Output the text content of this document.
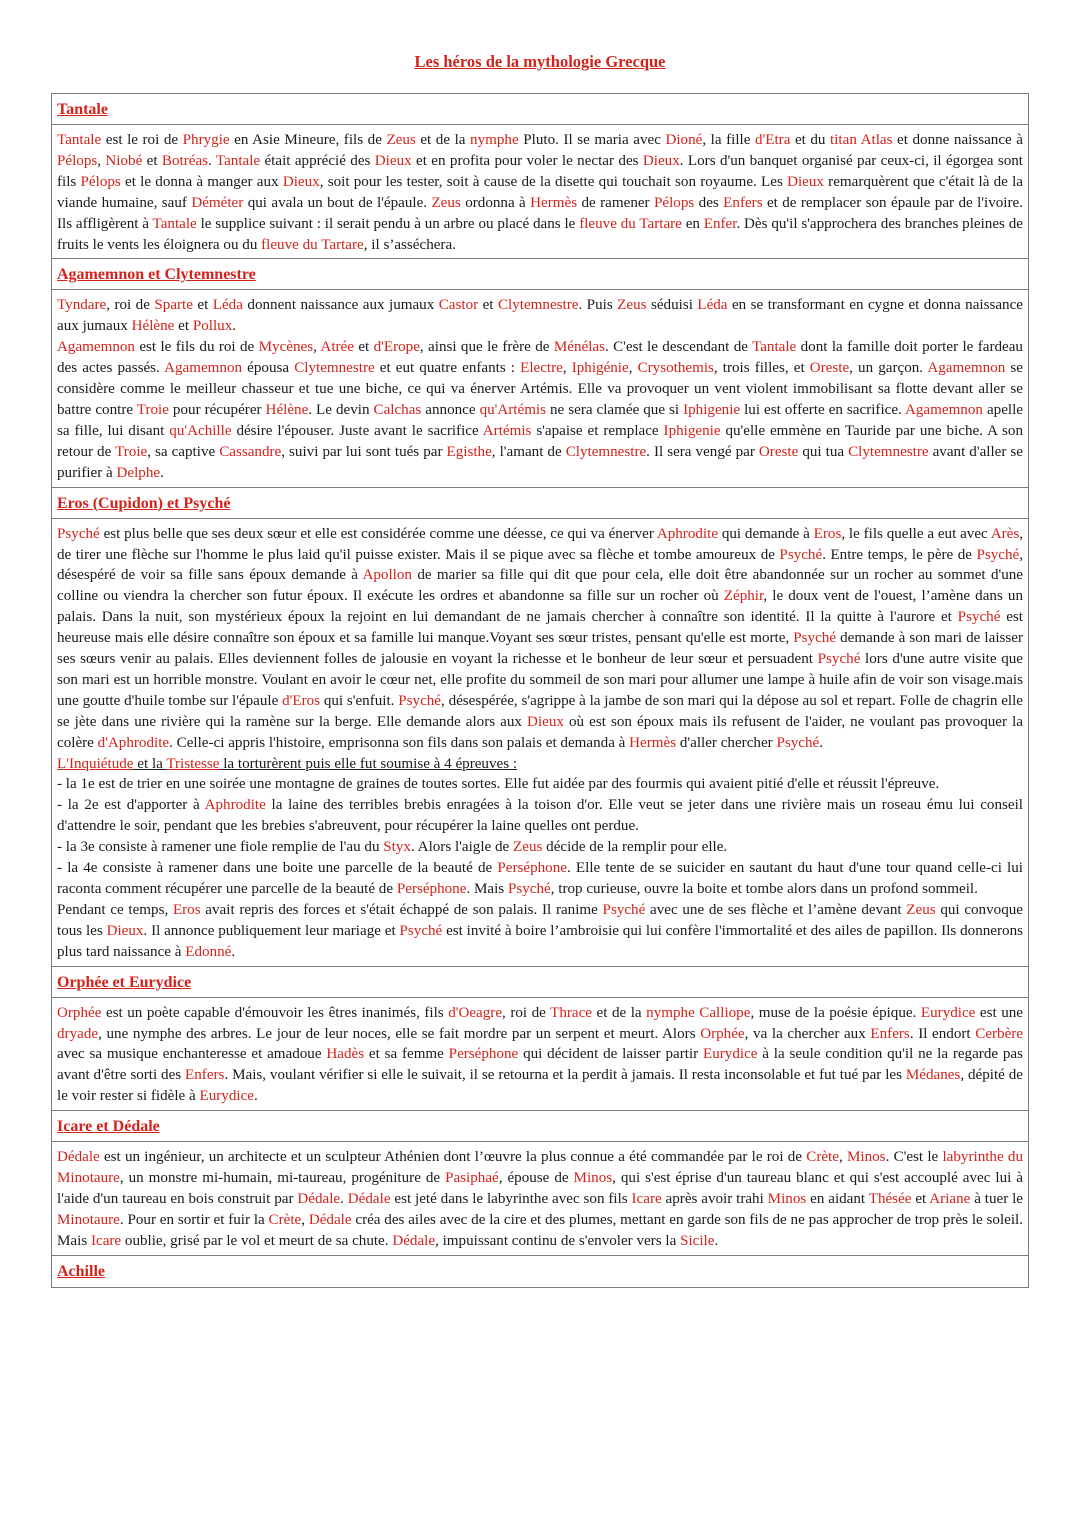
Les héros de la mythologie Grecque
Tantale

Tantale est le roi de Phrygie en Asie Mineure, fils de Zeus et de la nymphe Pluto. Il se maria avec Dioné, la fille d'Etra et du titan Atlas et donne naissance à Pélops, Niobé et Botréas. Tantale était apprécié des Dieux et en profita pour voler le nectar des Dieux. Lors d'un banquet organisé par ceux-ci, il égorgea sont fils Pélops et le donna à manger aux Dieux, soit pour les tester, soit à cause de la disette qui touchait son royaume. Les Dieux remarquèrent que c'était là de la viande humaine, sauf Déméter qui avala un bout de l'épaule. Zeus ordonna à Hermès de ramener Pélops des Enfers et de remplacer son épaule par de l'ivoire. Ils affligèrent à Tantale le supplice suivant : il serait pendu à un arbre ou placé dans le fleuve du Tartare en Enfer. Dès qu'il s'approchera des branches pleines de fruits le vents les éloignera ou du fleuve du Tartare, il s’asséchera.

Agamemnon et Clytemnestre

Tyndare, roi de Sparte et Léda donnent naissance aux jumaux Castor et Clytemnestre. Puis Zeus séduisi Léda en se transformant en cygne et donna naissance aux jumaux Hélène et Pollux.

Agamemnon est le fils du roi de Mycènes, Atrée et d'Erope, ainsi que le frère de Ménélas. C'est le descendant de Tantale dont la famille doit porter le fardeau des actes passés. Agamemnon épousa Clytemnestre et eut quatre enfants : Electre, Iphigénie, Crysothemis, trois filles, et Oreste, un garçon. Agamemnon se considère comme le meilleur chasseur et tue une biche, ce qui va énerver Artémis. Elle va provoquer un vent violent immobilisant sa flotte devant aller se battre contre Troie pour récupérer Hélène. Le devin Calchas annonce qu'Artémis ne sera clamée que si Iphigenie lui est offerte en sacrifice. Agamemnon apelle sa fille, lui disant qu'Achille désire l'épouser. Juste avant le sacrifice Artémis s'apaise et remplace Iphigenie qu'elle emmène en Tauride par une biche. A son retour de Troie, sa captive Cassandre, suivi par lui sont tués par Egisthe, l'amant de Clytemnestre. Il sera vengé par Oreste qui tua Clytemnestre avant d'aller se purifier à Delphe.

Eros (Cupidon) et Psyché

Psyché est plus belle que ses deux sœur et elle est considérée comme une déesse, ce qui va énerver Aphrodite qui demande à Eros, le fils quelle a eut avec Arès, de tirer une flèche sur l'homme le plus laid qu'il puisse exister. Mais il se pique avec sa flèche et tombe amoureux de Psyché. Entre temps, le père de Psyché, désespéré de voir sa fille sans époux demande à Apollon de marier sa fille qui dit que pour cela, elle doit être abandonnée sur un rocher au sommet d'une colline ou viendra la chercher son futur époux. Il exécute les ordres et abandonne sa fille sur un rocher où Zéphir, le doux vent de l'ouest, l’amène dans un palais. Dans la nuit, son mystérieux époux la rejoint en lui demandant de ne jamais chercher à connaître son identité. Il la quitte à l'aurore et Psyché est heureuse mais elle désire connaître son époux et sa famille lui manque.Voyant ses sœur tristes, pensant qu'elle est morte, Psyché demande à son mari de laisser ses sœurs venir au palais. Elles deviennent folles de jalousie en voyant la richesse et le bonheur de leur sœur et persuadent Psyché lors d'une autre visite que son mari est un horrible monstre. Voulant en avoir le cœur net, elle profite du sommeil de son mari pour allumer une lampe à huile afin de voir son visage.mais une goutte d'huile tombe sur l'épaule d'Eros qui s'enfuit. Psyché, désespérée, s'agrippe à la jambe de son mari qui la dépose au sol et repart. Folle de chagrin elle se jète dans une rivière qui la ramène sur la berge. Elle demande alors aux Dieux où est son époux mais ils refusent de l'aider, ne voulant pas provoquer la colère d'Aphrodite. Celle-ci appris l'histoire, emprisonna son fils dans son palais et demanda à Hermès d'aller chercher Psyché.

L'Inquiétude et la Tristesse la torturèrent puis elle fut soumise à 4 épreuves :

- la 1e est de trier en une soirée une montagne de graines de toutes sortes. Elle fut aidée par des fourmis qui avaient pitié d'elle et réussit l'épreuve.

- la 2e est d'apporter à Aphrodite la laine des terribles brebis enragées à la toison d'or. Elle veut se jeter dans une rivière mais un roseau ému lui conseil d'attendre le soir, pendant que les brebies s'abreuvent, pour récupérer la laine quelles ont perdue.

- la 3e consiste à ramener une fiole remplie de l'au du Styx. Alors l'aigle de Zeus décide de la remplir pour elle.

- la 4e consiste à ramener dans une boite une parcelle de la beauté de Perséphone. Elle tente de se suicider en sautant du haut d'une tour quand celle-ci lui raconta comment récupérer une parcelle de la beauté de Perséphone. Mais Psyché, trop curieuse, ouvre la boite et tombe alors dans un profond sommeil.

Pendant ce temps, Eros avait repris des forces et s'était échappé de son palais. Il ranime Psyché avec une de ses flèche et l’amène devant Zeus qui convoque tous les Dieux. Il annonce publiquement leur mariage et Psyché est invité à boire l’ambroisie qui lui confère l'immortalité et des ailes de papillon. Ils donnerons plus tard naissance à Edonné.

Orphée et Eurydice

Orphée est un poète capable d'émouvoir les êtres inanimés, fils d'Oeagre, roi de Thrace et de la nymphe Calliope, muse de la poésie épique. Eurydice est une dryade, une nymphe des arbres. Le jour de leur noces, elle se fait mordre par un serpent et meurt. Alors Orphée, va la chercher aux Enfers. Il endort Cerbère avec sa musique enchanteresse et amadoue Hadès et sa femme Perséphone qui décident de laisser partir Eurydice à la seule condition qu'il ne la regarde pas avant d'être sorti des Enfers. Mais, voulant vérifier si elle le suivait, il se retourna et la perdit à jamais. Il resta inconsolable et fut tué par les Médanes, dépité de le voir rester si fidèle à Eurydice.

Icare et Dédale

Dédale est un ingénieur, un architecte et un sculpteur Athénien dont l’œuvre la plus connue a été commandée par le roi de Crète, Minos. C'est le labyrinthe du Minotaure, un monstre mi-humain, mi-taureau, progéniture de Pasiphaé, épouse de Minos, qui s'est éprise d'un taureau blanc et qui s'est accouplé avec lui à l'aide d'un taureau en bois construit par Dédale. Dédale est jeté dans le labyrinthe avec son fils Icare après avoir trahi Minos en aidant Thésée et Ariane à tuer le Minotaure. Pour en sortir et fuir la Crète, Dédale créa des ailes avec de la cire et des plumes, mettant en garde son fils de ne pas approcher de trop près le soleil. Mais Icare oublie, grisé par le vol et meurt de sa chute. Dédale, impuissant continu de s'envoler vers la Sicile.

Achille
